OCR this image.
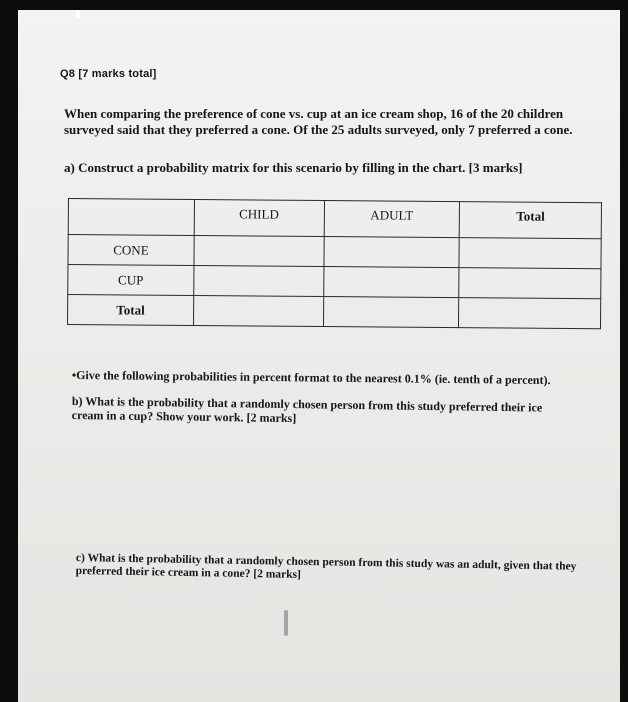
Q8 [7 marks total]
When comparing the preference of cone vs. cup at an ice cream shop, 16 of the 20 children surveyed said that they preferred a cone. Of the 25 adults surveyed, only 7 preferred a cone.
a) Construct a probability matrix for this scenario by filling in the chart. [3 marks]
	CHILD	ADULT	Total
CONE			
CUP			
Total			
•Give the following probabilities in percent format to the nearest 0.1% (ie. tenth of a percent).
b) What is the probability that a randomly chosen person from this study preferred their ice cream in a cup? Show your work. [2 marks]
c) What is the probability that a randomly chosen person from this study was an adult, given that they preferred their ice cream in a cone? [2 marks]
